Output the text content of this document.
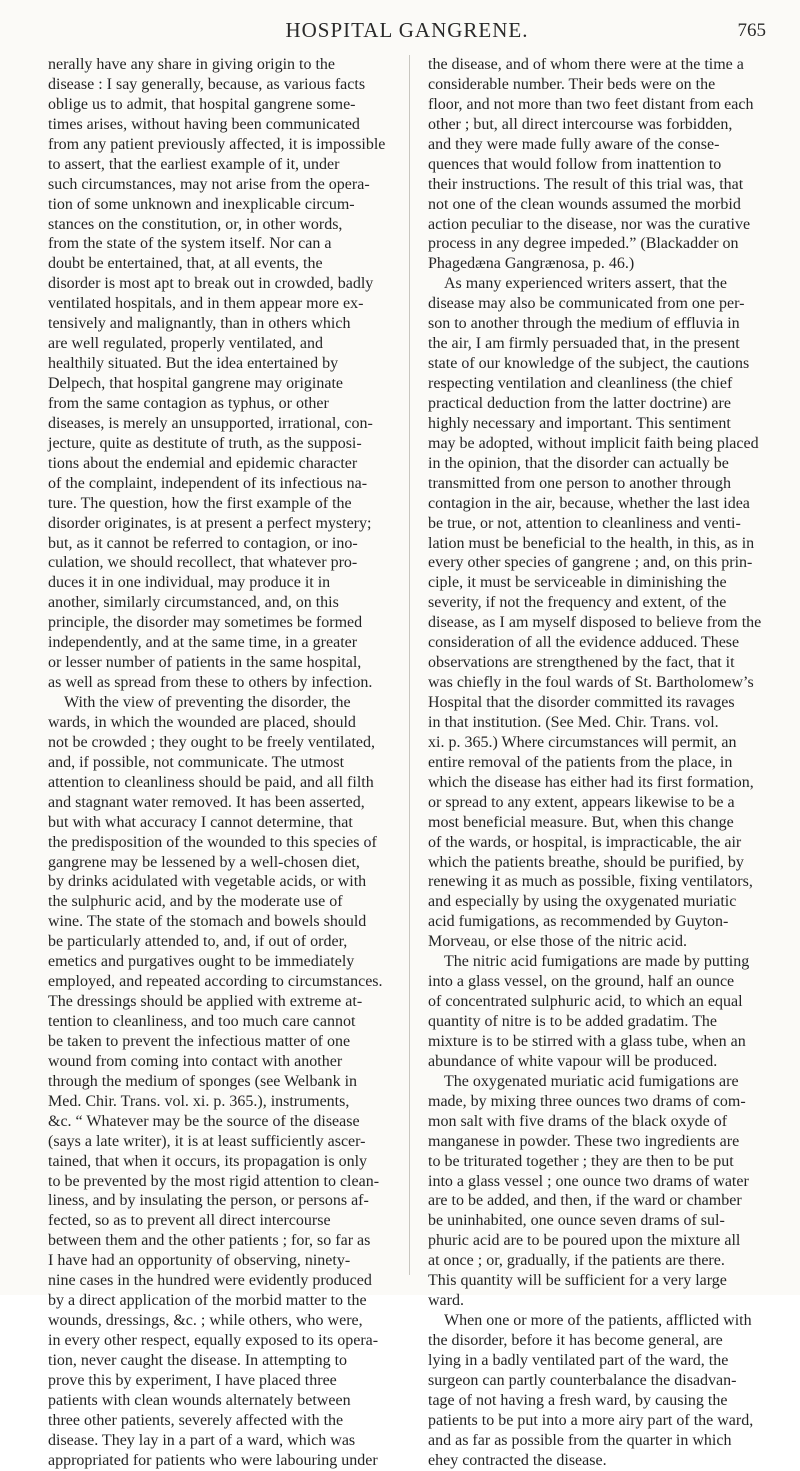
HOSPITAL GANGRENE.	765
nerally have any share in giving origin to the
disease : I say generally, because, as various facts
oblige us to admit, that hospital gangrene some-
times arises, without having been communicated
from any patient previously affected, it is impossible
to assert, that the earliest example of it, under
such circumstances, may not arise from the opera-
tion of some unknown and inexplicable circum-
stances on the constitution, or, in other words,
from the state of the system itself. Nor can a
doubt be entertained, that, at all events, the
disorder is most apt to break out in crowded, badly
ventilated hospitals, and in them appear more ex-
tensively and malignantly, than in others which
are well regulated, properly ventilated, and
healthily situated. But the idea entertained by
Delpech, that hospital gangrene may originate
from the same contagion as typhus, or other
diseases, is merely an unsupported, irrational, con-
jecture, quite as destitute of truth, as the supposi-
tions about the endemial and epidemic character
of the complaint, independent of its infectious na-
ture. The question, how the first example of the
disorder originates, is at present a perfect mystery;
but, as it cannot be referred to contagion, or ino-
culation, we should recollect, that whatever pro-
duces it in one individual, may produce it in
another, similarly circumstanced, and, on this
principle, the disorder may sometimes be formed
independently, and at the same time, in a greater
or lesser number of patients in the same hospital,
as well as spread from these to others by infection.
With the view of preventing the disorder, the
wards, in which the wounded are placed, should
not be crowded ; they ought to be freely ventilated,
and, if possible, not communicate. The utmost
attention to cleanliness should be paid, and all filth
and stagnant water removed. It has been asserted,
but with what accuracy I cannot determine, that
the predisposition of the wounded to this species of
gangrene may be lessened by a well-chosen diet,
by drinks acidulated with vegetable acids, or with
the sulphuric acid, and by the moderate use of
wine. The state of the stomach and bowels should
be particularly attended to, and, if out of order,
emetics and purgatives ought to be immediately
employed, and repeated according to circumstances.
The dressings should be applied with extreme at-
tention to cleanliness, and too much care cannot
be taken to prevent the infectious matter of one
wound from coming into contact with another
through the medium of sponges (see Welbank in
Med. Chir. Trans. vol. xi. p. 365.), instruments,
&c. “ Whatever may be the source of the disease
(says a late writer), it is at least sufficiently ascer-
tained, that when it occurs, its propagation is only
to be prevented by the most rigid attention to clean-
liness, and by insulating the person, or persons af-
fected, so as to prevent all direct intercourse
between them and the other patients ; for, so far as
I have had an opportunity of observing, ninety-
nine cases in the hundred were evidently produced
by a direct application of the morbid matter to the
wounds, dressings, &c. ; while others, who were,
in every other respect, equally exposed to its opera-
tion, never caught the disease. In attempting to
prove this by experiment, I have placed three
patients with clean wounds alternately between
three other patients, severely affected with the
disease. They lay in a part of a ward, which was
appropriated for patients who were labouring under
the disease, and of whom there were at the time a
considerable number. Their beds were on the
floor, and not more than two feet distant from each
other ; but, all direct intercourse was forbidden,
and they were made fully aware of the conse-
quences that would follow from inattention to
their instructions. The result of this trial was, that
not one of the clean wounds assumed the morbid
action peculiar to the disease, nor was the curative
process in any degree impeded.” (Blackadder on
Phagedæna Gangrænosa, p. 46.)
As many experienced writers assert, that the
disease may also be communicated from one per-
son to another through the medium of effluvia in
the air, I am firmly persuaded that, in the present
state of our knowledge of the subject, the cautions
respecting ventilation and cleanliness (the chief
practical deduction from the latter doctrine) are
highly necessary and important. This sentiment
may be adopted, without implicit faith being placed
in the opinion, that the disorder can actually be
transmitted from one person to another through
contagion in the air, because, whether the last idea
be true, or not, attention to cleanliness and venti-
lation must be beneficial to the health, in this, as in
every other species of gangrene ; and, on this prin-
ciple, it must be serviceable in diminishing the
severity, if not the frequency and extent, of the
disease, as I am myself disposed to believe from the
consideration of all the evidence adduced. These
observations are strengthened by the fact, that it
was chiefly in the foul wards of St. Bartholomew’s
Hospital that the disorder committed its ravages
in that institution. (See Med. Chir. Trans. vol.
xi. p. 365.) Where circumstances will permit, an
entire removal of the patients from the place, in
which the disease has either had its first formation,
or spread to any extent, appears likewise to be a
most beneficial measure. But, when this change
of the wards, or hospital, is impracticable, the air
which the patients breathe, should be purified, by
renewing it as much as possible, fixing ventilators,
and especially by using the oxygenated muriatic
acid fumigations, as recommended by Guyton-
Morveau, or else those of the nitric acid.
The nitric acid fumigations are made by putting
into a glass vessel, on the ground, half an ounce
of concentrated sulphuric acid, to which an equal
quantity of nitre is to be added gradatim. The
mixture is to be stirred with a glass tube, when an
abundance of white vapour will be produced.
The oxygenated muriatic acid fumigations are
made, by mixing three ounces two drams of com-
mon salt with five drams of the black oxyde of
manganese in powder. These two ingredients are
to be triturated together ; they are then to be put
into a glass vessel ; one ounce two drams of water
are to be added, and then, if the ward or chamber
be uninhabited, one ounce seven drams of sul-
phuric acid are to be poured upon the mixture all
at once ; or, gradually, if the patients are there.
This quantity will be sufficient for a very large
ward.
When one or more of the patients, afflicted with
the disorder, before it has become general, are
lying in a badly ventilated part of the ward, the
surgeon can partly counterbalance the disadvan-
tage of not having a fresh ward, by causing the
patients to be put into a more airy part of the ward,
and as far as possible from the quarter in which
ehey contracted the disease.
